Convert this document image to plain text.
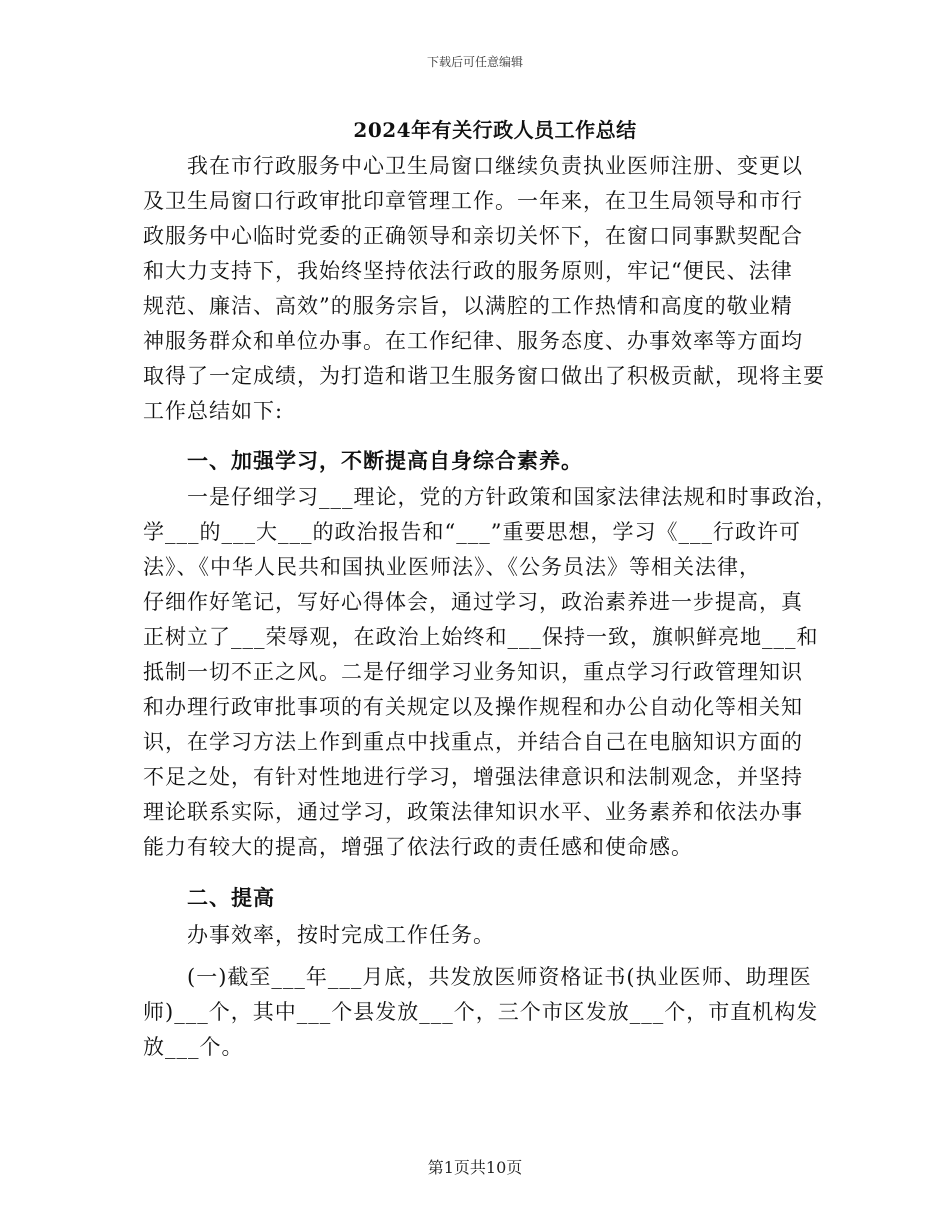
下载后可任意编辑
2024年有关行政人员工作总结
　　我在市行政服务中心卫生局窗口继续负责执业医师注册、变更以
及卫生局窗口行政审批印章管理工作。一年来，在卫生局领导和市行
政服务中心临时党委的正确领导和亲切关怀下，在窗口同事默契配合
和大力支持下，我始终坚持依法行政的服务原则，牢记“便民、法律
规范、廉洁、高效”的服务宗旨，以满腔的工作热情和高度的敬业精
神服务群众和单位办事。在工作纪律、服务态度、办事效率等方面均
取得了一定成绩，为打造和谐卫生服务窗口做出了积极贡献，现将主要
工作总结如下:
　　一、加强学习，不断提高自身综合素养。
　　一是仔细学习___理论，党的方针政策和国家法律法规和时事政治，
学___的___大___的政治报告和“___”重要思想，学习《___行政许可
法》、《中华人民共和国执业医师法》、《公务员法》等相关法律，
仔细作好笔记，写好心得体会，通过学习，政治素养进一步提高，真
正树立了___荣辱观，在政治上始终和___保持一致，旗帜鲜亮地___和
抵制一切不正之风。二是仔细学习业务知识，重点学习行政管理知识
和办理行政审批事项的有关规定以及操作规程和办公自动化等相关知
识，在学习方法上作到重点中找重点，并结合自己在电脑知识方面的
不足之处，有针对性地进行学习，增强法律意识和法制观念，并坚持
理论联系实际，通过学习，政策法律知识水平、业务素养和依法办事
能力有较大的提高，增强了依法行政的责任感和使命感。
　　二、提高
　　办事效率，按时完成工作任务。
　　(一)截至___年___月底，共发放医师资格证书(执业医师、助理医
师)___个，其中___个县发放___个，三个市区发放___个，市直机构发
放___个。
第1页共10页
